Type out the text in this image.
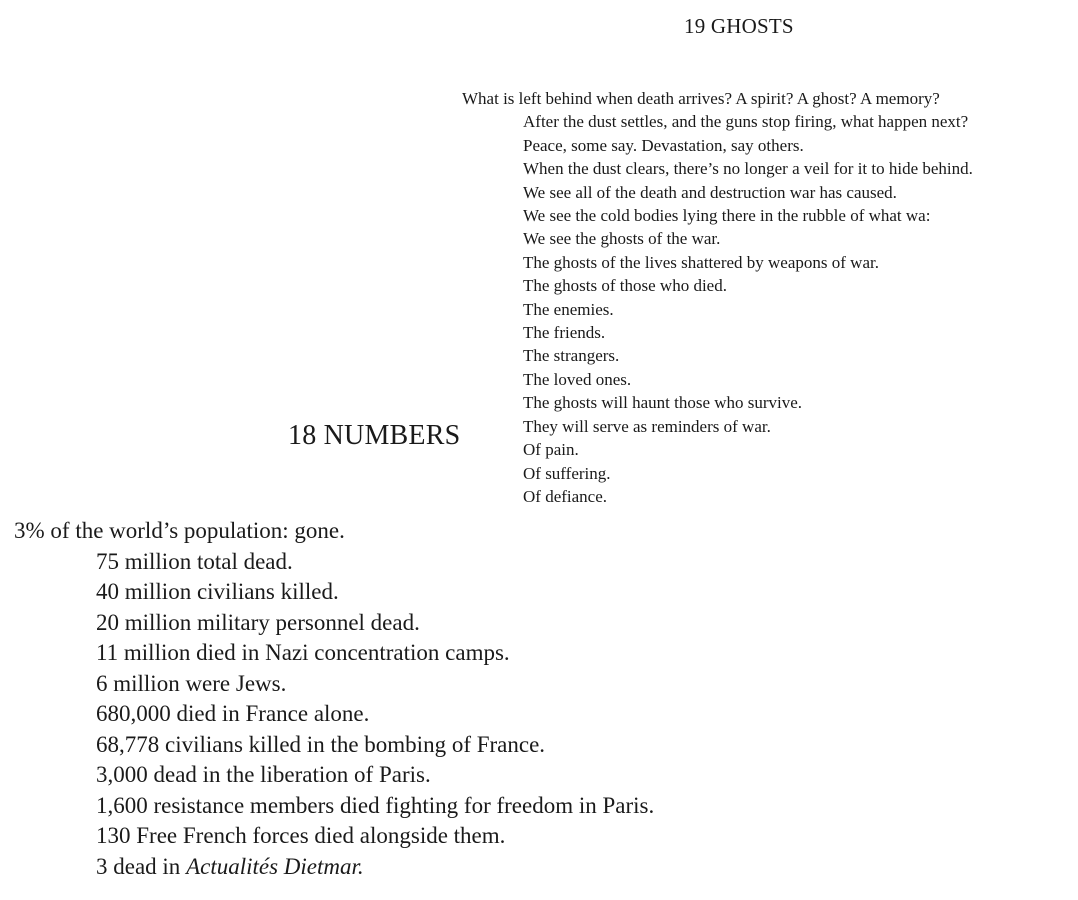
19 GHOSTS

What is left behind when death arrives? A spirit? A ghost? A memory?

After the dust settles, and the guns stop firing, what happen next?

Peace, some say. Devastation, say others.

When the dust clears, there’s no longer a veil for it to hide behind.

We see all of the death and destruction war has caused.

We see the cold bodies lying there in the rubble of what wa:

We see the ghosts of the war.

The ghosts of the lives shattered by weapons of war.

The ghosts of those who died.

The enemies.

The friends.

The strangers.

The loved ones.

The ghosts will haunt those who survive.

They will serve as reminders of war.

Of pain.

Of suffering.

Of defiance.

18 NUMBERS

3% of the world’s population: gone.

75 million total dead.

40 million civilians killed.

20 million military personnel dead.

11 million died in Nazi concentration camps.

6 million were Jews.

680,000 died in France alone.

68,778 civilians killed in the bombing of France.

3,000 dead in the liberation of Paris.

1,600 resistance members died fighting for freedom in Paris.

130 Free French forces died alongside them.

3 dead in Actualités Dietmar.
